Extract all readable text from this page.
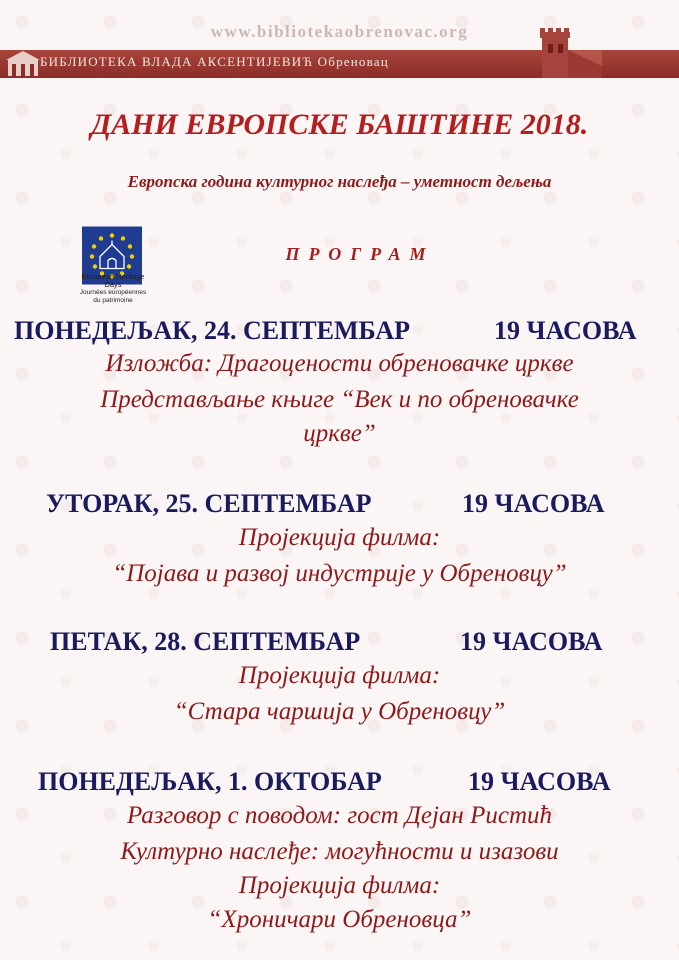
www.bibliotekaobrenovac.org
БИБЛИОТЕКА ВЛАДА АКСЕНТИЈЕВИЋ Обреновац
ДАНИ ЕВРОПСКЕ БАШТИНЕ 2018.
Европска година културног наслеђа – уметност дељења
European Heritage Days
Journées européennes
du patrimoine
ПРОГРАМ
ПОНЕДЕЉАК, 24. СЕПТЕМБАР	19 ЧАСОВА
Изложба: Драгоцености обреновачке цркве
Представљање књиге “Век и по обреновачке
цркве”
УТОРАК, 25. СЕПТЕМБАР	19 ЧАСОВА
Пројекција филма:
“Појава и развој индустрије у Обреновцу”
ПЕТАК, 28. СЕПТЕМБАР	19 ЧАСОВА
Пројекција филма:
“Стара чаршија у Обреновцу”
ПОНЕДЕЉАК, 1. ОКТОБАР	19 ЧАСОВА
Разговор с поводом: гост Дејан Ристић
Културно наслеђе: могућности и изазови
Пројекција филма:
“Хроничари Обреновца”
